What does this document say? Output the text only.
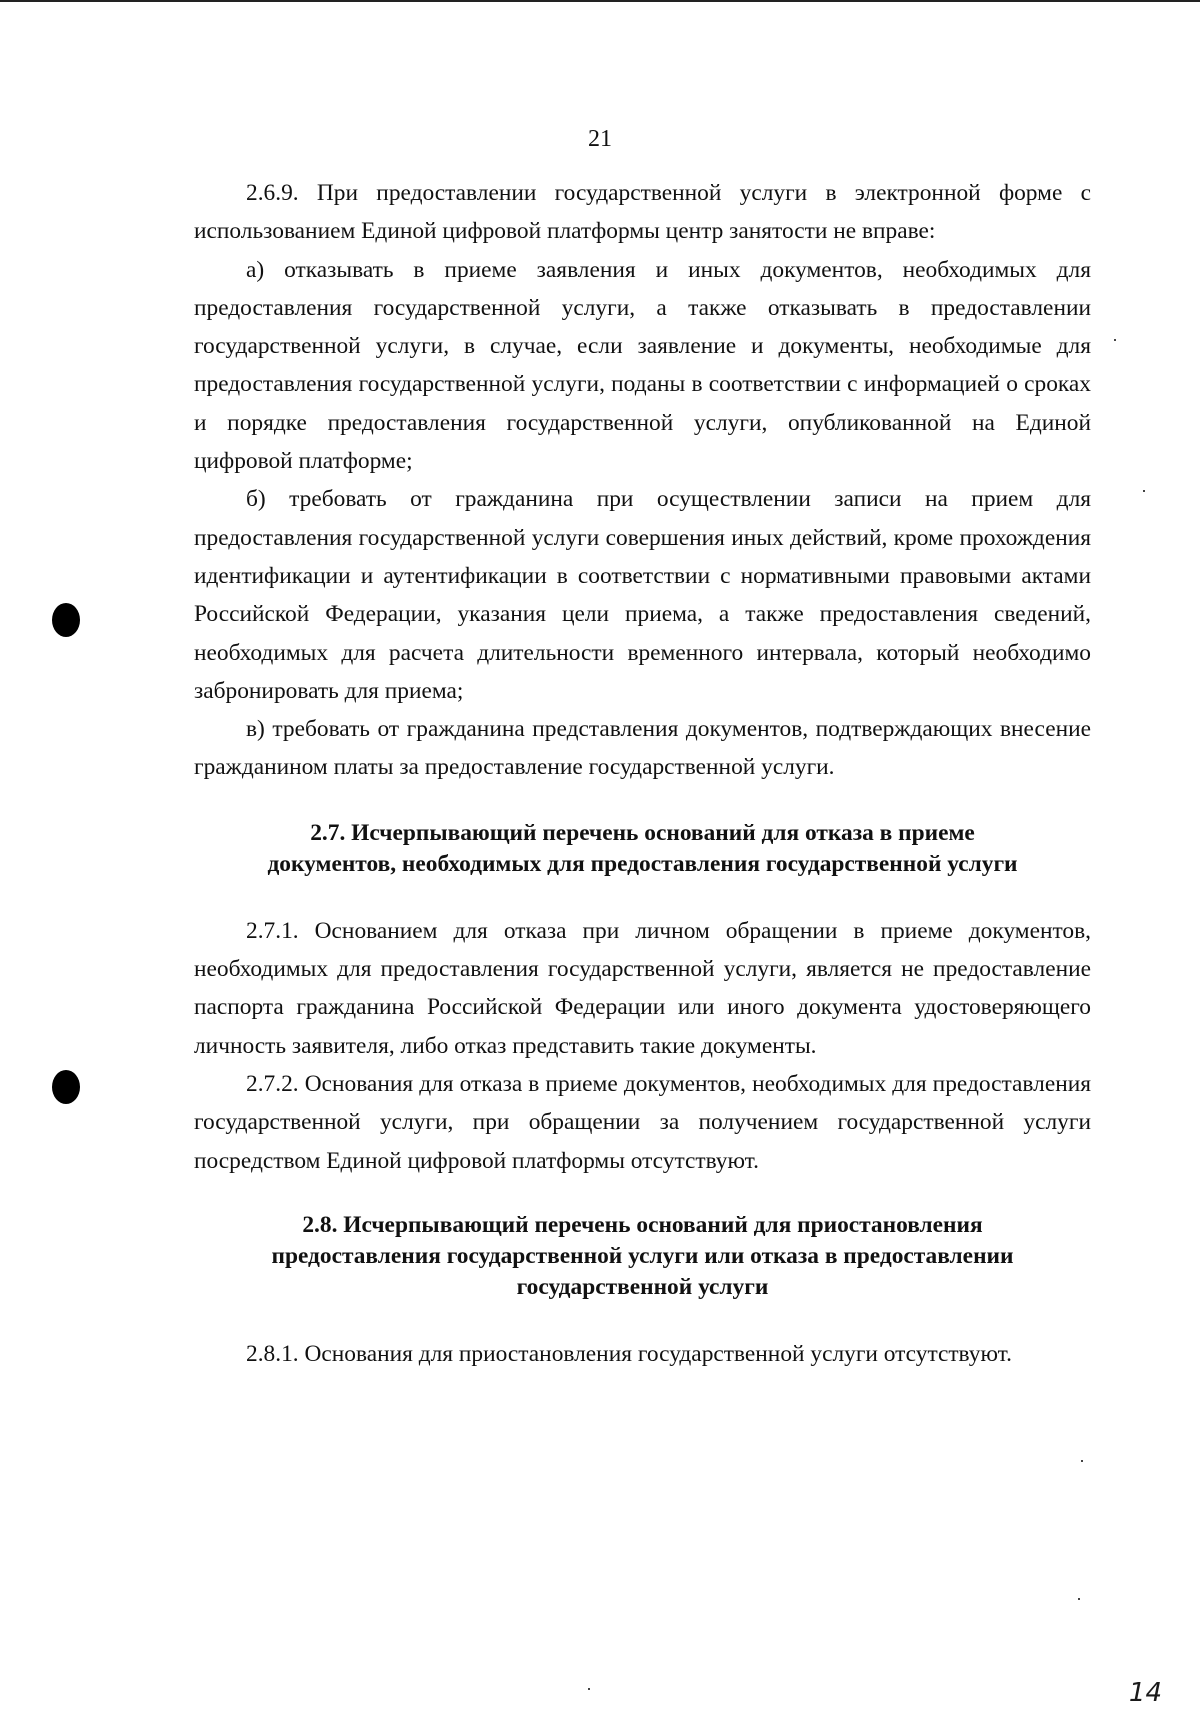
21

2.6.9. При предоставлении государственной услуги в электронной форме с использованием Единой цифровой платформы центр занятости не вправе:

а) отказывать в приеме заявления и иных документов, необходимых для предоставления государственной услуги, а также отказывать в предоставлении государственной услуги, в случае, если заявление и документы, необходимые для предоставления государственной услуги, поданы в соответствии с информацией о сроках и порядке предоставления государственной услуги, опубликованной на Единой цифровой платформе;

б) требовать от гражданина при осуществлении записи на прием для предоставления государственной услуги совершения иных действий, кроме прохождения идентификации и аутентификации в соответствии с нормативными правовыми актами Российской Федерации, указания цели приема, а также предоставления сведений, необходимых для расчета длительности временного интервала, который необходимо забронировать для приема;

в) требовать от гражданина представления документов, подтверждающих внесение гражданином платы за предоставление государственной услуги.

2.7. Исчерпывающий перечень оснований для отказа в приеме
документов, необходимых для предоставления государственной услуги

2.7.1. Основанием для отказа при личном обращении в приеме документов, необходимых для предоставления государственной услуги, является не предоставление паспорта гражданина Российской Федерации или иного документа удостоверяющего личность заявителя, либо отказ представить такие документы.

2.7.2. Основания для отказа в приеме документов, необходимых для предоставления государственной услуги, при обращении за получением государственной услуги посредством Единой цифровой платформы отсутствуют.

2.8. Исчерпывающий перечень оснований для приостановления
предоставления государственной услуги или отказа в предоставлении
государственной услуги

2.8.1. Основания для приостановления государственной услуги отсутствуют.

14
